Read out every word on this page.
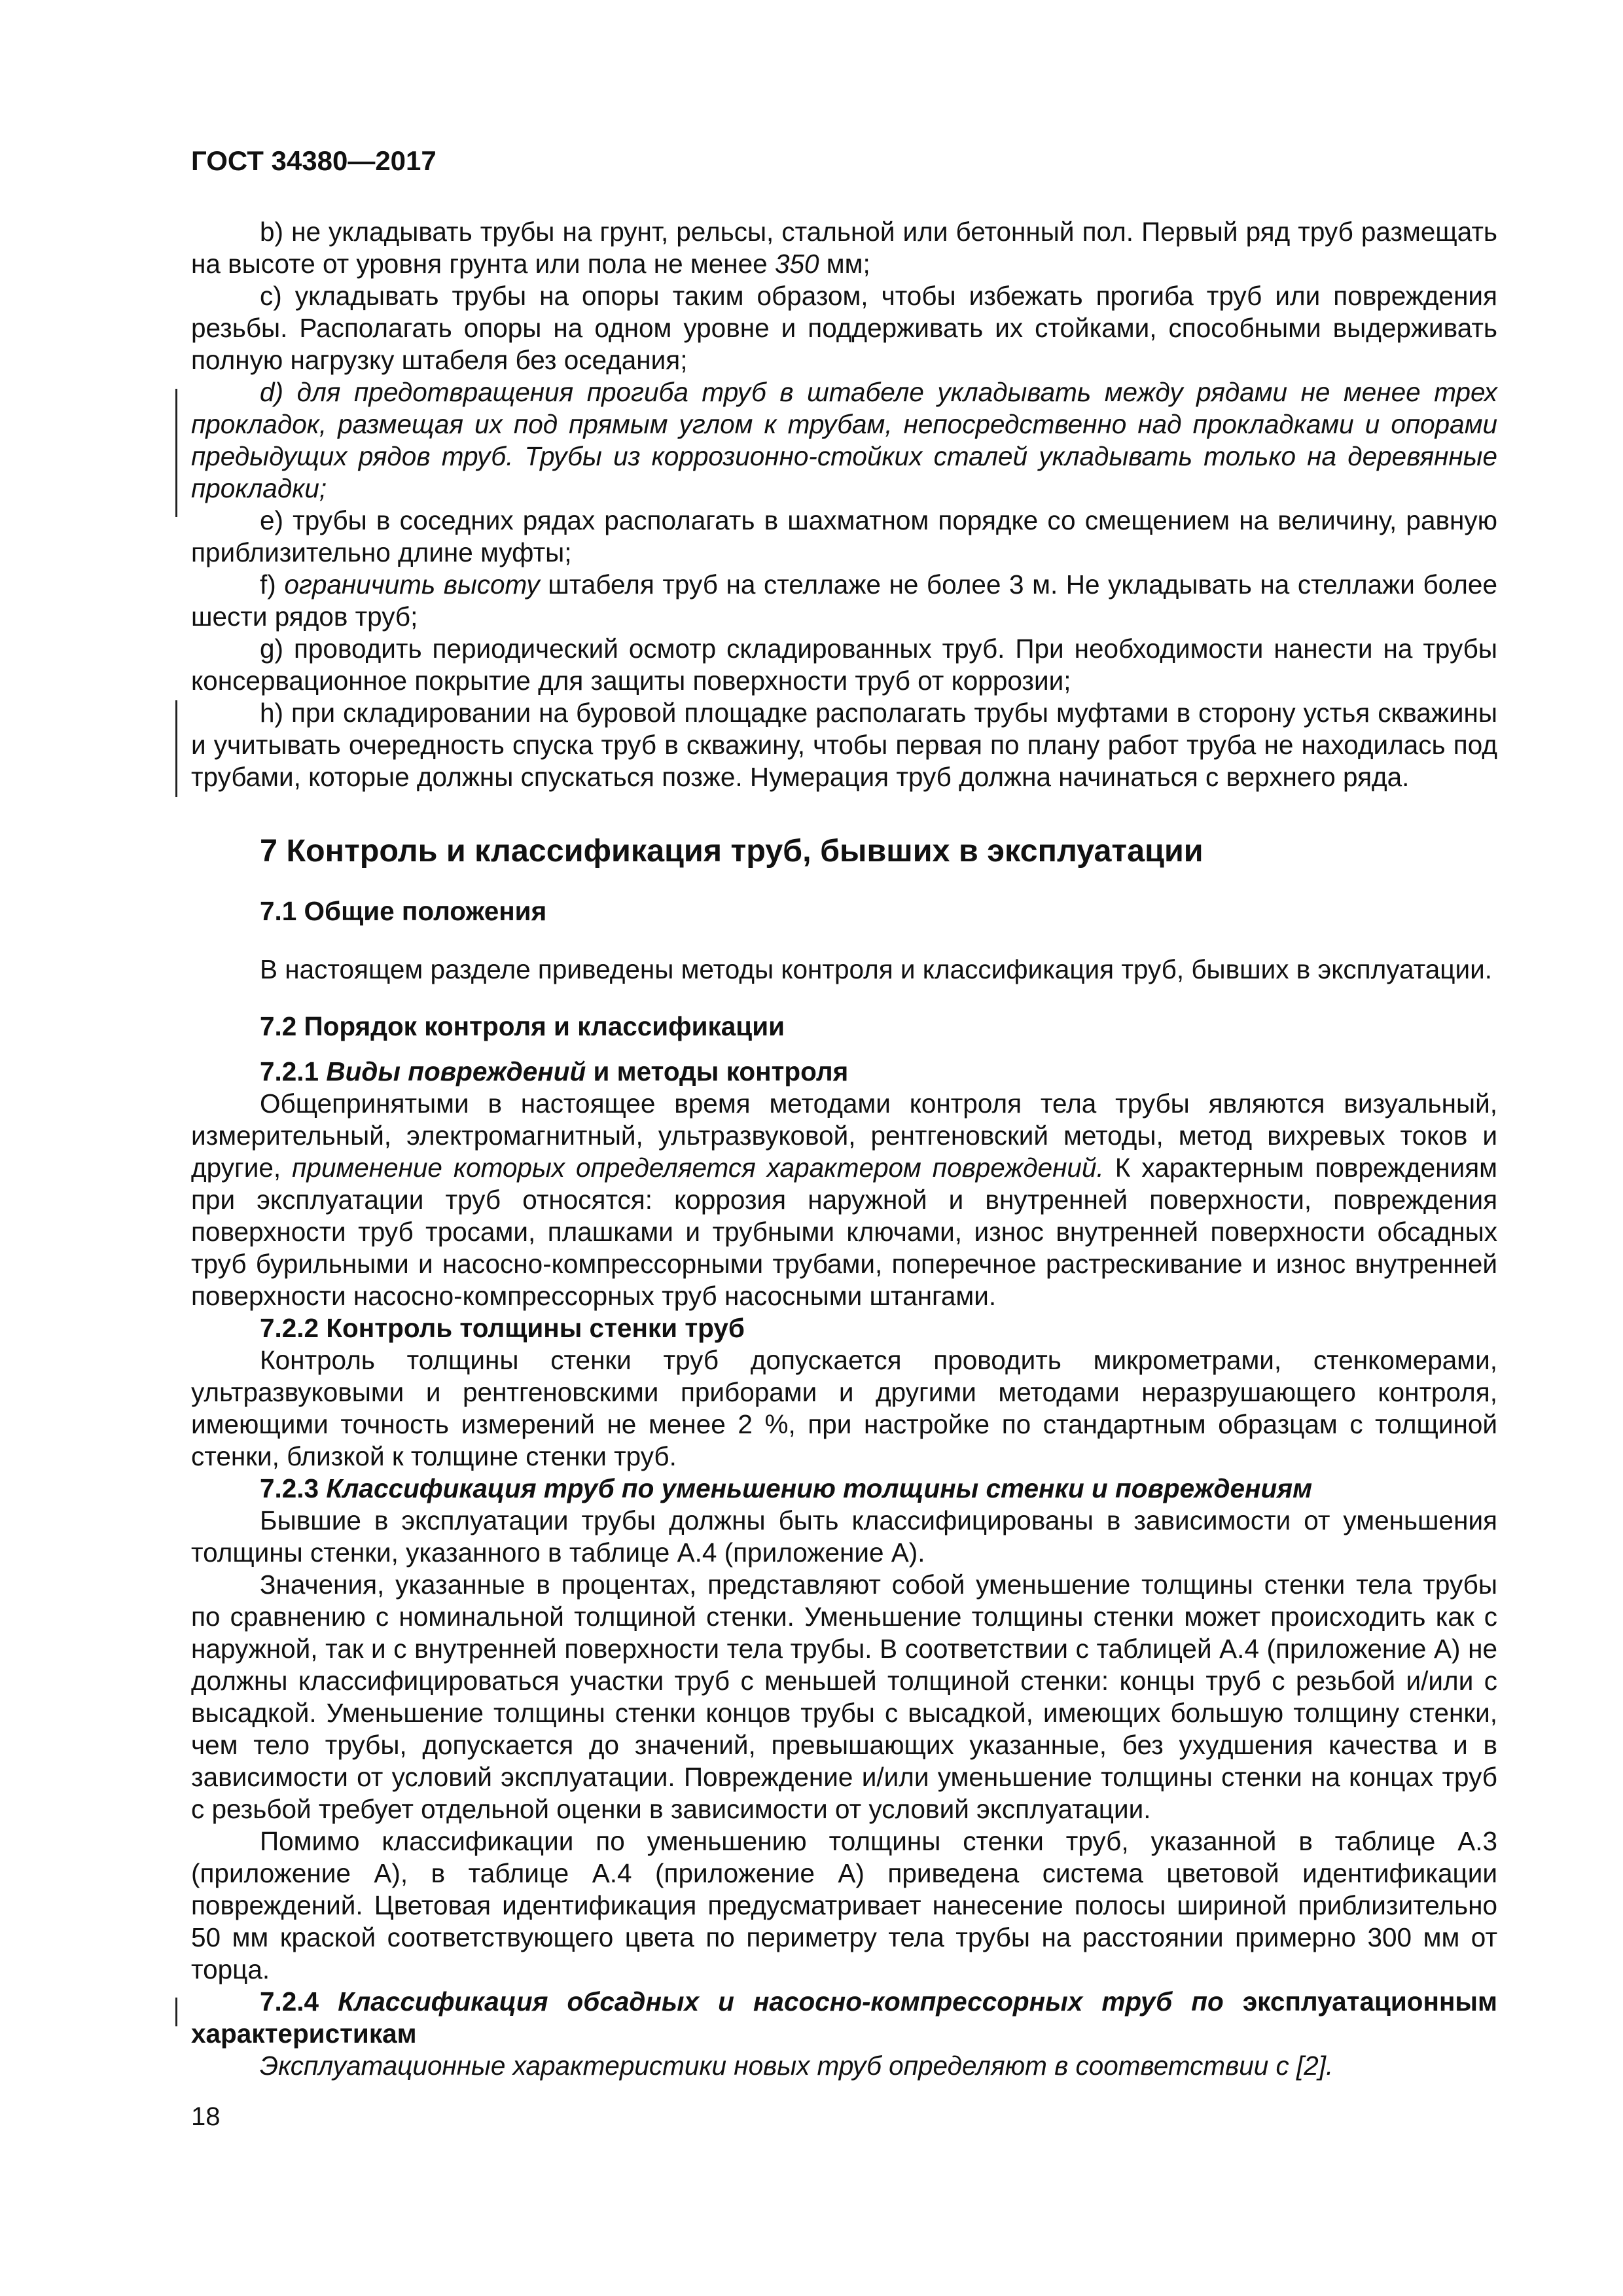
ГОСТ 34380—2017

b) не укладывать трубы на грунт, рельсы, стальной или бетонный пол. Первый ряд труб размещать на высоте от уровня грунта или пола не менее 350 мм;

c) укладывать трубы на опоры таким образом, чтобы избежать прогиба труб или повреждения резьбы. Располагать опоры на одном уровне и поддерживать их стойками, способными выдерживать полную нагрузку штабеля без оседания;

d) для предотвращения прогиба труб в штабеле укладывать между рядами не менее трех прокладок, размещая их под прямым углом к трубам, непосредственно над прокладками и опорами предыдущих рядов труб. Трубы из коррозионно-стойких сталей укладывать только на деревянные прокладки;

e) трубы в соседних рядах располагать в шахматном порядке со смещением на величину, равную приблизительно длине муфты;

f) ограничить высоту штабеля труб на стеллаже не более 3 м. Не укладывать на стеллажи более шести рядов труб;

g) проводить периодический осмотр складированных труб. При необходимости нанести на трубы консервационное покрытие для защиты поверхности труб от коррозии;

h) при складировании на буровой площадке располагать трубы муфтами в сторону устья скважины и учитывать очередность спуска труб в скважину, чтобы первая по плану работ труба не находилась под трубами, которые должны спускаться позже. Нумерация труб должна начинаться с верхнего ряда.

7 Контроль и классификация труб, бывших в эксплуатации

7.1 Общие положения

В настоящем разделе приведены методы контроля и классификация труб, бывших в эксплуатации.

7.2 Порядок контроля и классификации

7.2.1 Виды повреждений и методы контроля

Общепринятыми в настоящее время методами контроля тела трубы являются визуальный, измерительный, электромагнитный, ультразвуковой, рентгеновский методы, метод вихревых токов и другие, применение которых определяется характером повреждений. К характерным повреждениям при эксплуатации труб относятся: коррозия наружной и внутренней поверхности, повреждения поверхности труб тросами, плашками и трубными ключами, износ внутренней поверхности обсадных труб бурильными и насосно-компрессорными трубами, поперечное растрескивание и износ внутренней поверхности насосно-компрессорных труб насосными штангами.

7.2.2 Контроль толщины стенки труб

Контроль толщины стенки труб допускается проводить микрометрами, стенкомерами, ультразвуковыми и рентгеновскими приборами и другими методами неразрушающего контроля, имеющими точность измерений не менее 2 %, при настройке по стандартным образцам с толщиной стенки, близкой к толщине стенки труб.

7.2.3 Классификация труб по уменьшению толщины стенки и повреждениям

Бывшие в эксплуатации трубы должны быть классифицированы в зависимости от уменьшения толщины стенки, указанного в таблице А.4 (приложение А).

Значения, указанные в процентах, представляют собой уменьшение толщины стенки тела трубы по сравнению с номинальной толщиной стенки. Уменьшение толщины стенки может происходить как с наружной, так и с внутренней поверхности тела трубы. В соответствии с таблицей А.4 (приложение А) не должны классифицироваться участки труб с меньшей толщиной стенки: концы труб с резьбой и/или с высадкой. Уменьшение толщины стенки концов трубы с высадкой, имеющих большую толщину стенки, чем тело трубы, допускается до значений, превышающих указанные, без ухудшения качества и в зависимости от условий эксплуатации. Повреждение и/или уменьшение толщины стенки на концах труб с резьбой требует отдельной оценки в зависимости от условий эксплуатации.

Помимо классификации по уменьшению толщины стенки труб, указанной в таблице А.3 (приложение А), в таблице А.4 (приложение А) приведена система цветовой идентификации повреждений. Цветовая идентификация предусматривает нанесение полосы шириной приблизительно 50 мм краской соответствующего цвета по периметру тела трубы на расстоянии примерно 300 мм от торца.

7.2.4 Классификация обсадных и насосно-компрессорных труб по эксплуатационным характеристикам

Эксплуатационные характеристики новых труб определяют в соответствии с [2].

18
